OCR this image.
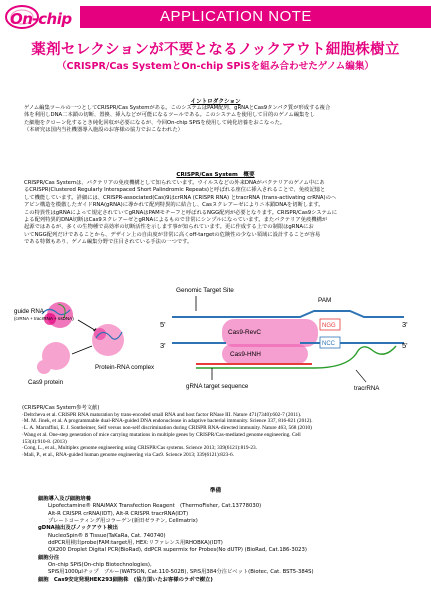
On-chip	APPLICATION NOTE
薬剤セレクションが不要となるノックアウト細胞株樹立
（CRISPR/Cas SystemとOn-chip SPiSを組み合わせたゲノム編集）
イントロダクション
ゲノム編集ツールの一つとしてCRISPR/Cas Systemがある。このシステムはPAM配列、gRNAとCas9タンパク質が形成する複合
体を利用しDNA二本鎖の切断、置換、挿入などが可能になるツールである。このシステムを使用して目的のゲノム編集をし
た細胞をクローン化するとき純化回収が必要になるが、今回On-chip SPiSを使用して純化培養をおこなった。
（本研究は国内当社機器導入施設のお客様の協力でおこなわれた）
CRISPR/Cas System　概要
CRISPR/Cas Systemは、バクテリアの免疫機構として知られています。ウイルスなどの外来DNAがバクテリアのゲノム中にあ
るCRISPR(Clustered Regularly Interspaced Short Palindromic Repeats)と呼ばれる座位に挿入されることで、免疫記憶と
して機能しています。詳細には、CRISPR-associated(Cas)9はcrRNA (CRISPR RNA) とtracrRNA (trans-activating crRNA)のヘ
アピン構造を模倣したガイドRNA(gRNA)に導かれて配列特異的に結合し、Casヌクレアーゼによりニ本鎖DNAを切断します。
この特異性はgRNAによって規定されていてgRNAはPAMモチーフと呼ばれるNGG配列が必要となります。CRISPR/Cas9システムに
よる配列特異的DNA切断はCas9ヌクレアーゼとgRNAによるもので非常にシンプルになっています。またバクテリア免疫機構が
起源ではあるが、多くの生物種で高効率の切断活性を示します事が知られています。更に作成する上での制限はgRNAにお
いてNGG配列だけであることから、デザイン上の自由度が非常に高くoff-targetの危険性の少ない領域に設計することが容易
である特徴もあり、ゲノム編集分野で注目されている手法の一つです。
guide RNA
(crRNA + tracrRNA + ssDNA)
Protein-RNA complex
Cas9 protein
Genomic Target Site
PAM
5'	3'
Cas9-RevC
NGG
3'	5'
NCC
Cas9-HNH
gRNA target sequence	tracrRNA
(CRISPR/Cas System参考文献)
·Deltcheva et al. CRISPR RNA maturation by trans-encoded small RNA and host factor RNase III. Nature 471(7340):602-7 (2011).
·M. M. Jinek, et al. A programmable dual-RNA-guided DNA endonuclease in adaptive bacterial immunity. Science 337, 816-821 (2012).
·L. A. Marraffini, E. J. Sontheimer, Self versus non-self discrimination during CRISPR RNA-directed immunity. Nature 463, 568 (2010)
·Wang et al. One-step generation of mice carrying mutations in multiple genes by CRISPR/Cas-mediated genome engineering. Cell
153(4):910-8. (2013)
·Cong, L., et al., Multiplex genome engineering using CRISPR/Cas systems. Science 2013; 339(6121):819-23.
·Mali, P., et al., RNA-guided human genome engineering via Cas9. Science 2013; 339(6121):823-6.
準備
細胞導入及び細胞培養
Lipofectamine® RNAiMAX Transfection Reagent　(ThermoFisher, Cat.13778030)
Alt-R CRISPR crRNA(IDT), Alt-R CRISPR tracrRNA(IDT)
プレートコーティング用コラーゲン(新田ゼラチン, Cellmatrix)
gDNA抽出及びノックアウト検出
NucleoSpin® 8 Tissue(TaKaRa, Cat. 740740)
ddPCR用検出probe(FAM:target用, HEX:リファレンス用RHOBKA)(IDT)
QX200 Droplet Digital PCR(BioRad), ddPCR supermix for Probes(No dUTP) (BioRad, Cat.186-3023)
細胞分注
On-chip SPiS(On-chip Biotechnologies),
SPiS用1000μlチップ　ブルー(WATSON, Cat.110-502B), SPiS用384分注ビベット(Biotec, Cat. BST5-384S)
細胞　Cas9安定発現HEK293細胞株　(協力頂いたお客様のラボで樹立)
